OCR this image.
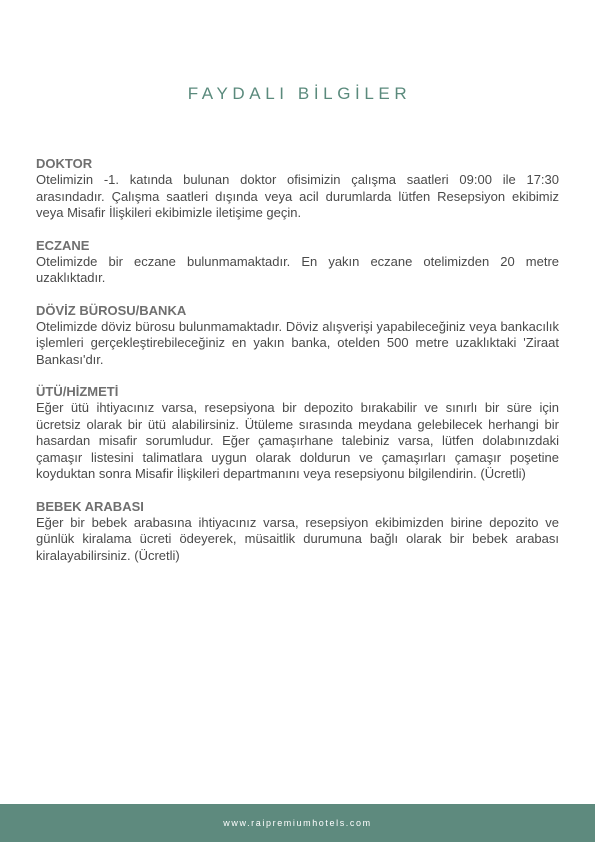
FAYDALI BİLGİLER

DOKTOR

Otelimizin -1. katında bulunan doktor ofisimizin çalışma saatleri 09:00 ile 17:30 arasındadır. Çalışma saatleri dışında veya acil durumlarda lütfen Resepsiyon ekibimiz veya Misafir İlişkileri ekibimizle iletişime geçin.

ECZANE

Otelimizde bir eczane bulunmamaktadır. En yakın eczane otelimizden 20 metre uzaklıktadır.

DÖVİZ BÜROSU/BANKA

Otelimizde döviz bürosu bulunmamaktadır. Döviz alışverişi yapabileceğiniz veya bankacılık işlemleri gerçekleştirebileceğiniz en yakın banka, otelden 500 metre uzaklıktaki 'Ziraat Bankası'dır.

ÜTÜ/HİZMETİ

Eğer ütü ihtiyacınız varsa, resepsiyona bir depozito bırakabilir ve sınırlı bir süre için ücretsiz olarak bir ütü alabilirsiniz. Ütüleme sırasında meydana gelebilecek herhangi bir hasardan misafir sorumludur. Eğer çamaşırhane talebiniz varsa, lütfen dolabınızdaki çamaşır listesini talimatlara uygun olarak doldurun ve çamaşırları çamaşır poşetine koyduktan sonra Misafir İlişkileri departmanını veya resepsiyonu bilgilendirin. (Ücretli)

BEBEK ARABASI

Eğer bir bebek arabasına ihtiyacınız varsa, resepsiyon ekibimizden birine depozito ve günlük kiralama ücreti ödeyerek, müsaitlik durumuna bağlı olarak bir bebek arabası kiralayabilirsiniz. (Ücretli)

www.raipremiumhotels.com
